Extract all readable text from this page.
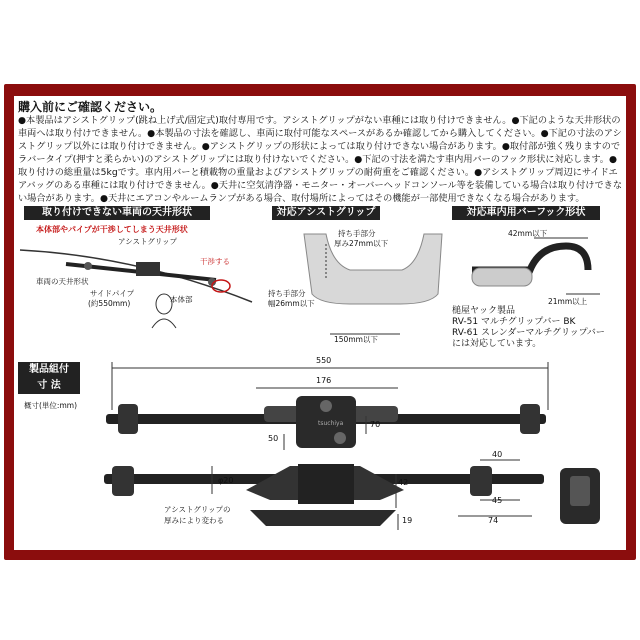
購入前にご確認ください。

●本製品はアシストグリップ(跳ね上げ式/固定式)取付専用です。アシストグリップがない車種には取り付けできません。●下記のような天井形状の車両へは取り付けできません。●本製品の寸法を確認し、車両に取付可能なスペースがあるか確認してから購入してください。●下記の寸法のアシストグリップ以外には取り付けできません。●アシストグリップの形状によっては取り付けできない場合があります。●取付部が強く残りますのでラバータイプ(押すと柔らかい)のアシストグリップには取り付けないでください。●下記の寸法を満たす車内用バーのフック形状に対応します。●取り付けの総重量は5kgです。車内用バーと積載物の重量およびアシストグリップの耐荷重をご確認ください。●アシストグリップ周辺にサイドエアバッグのある車種には取り付けできません。●天井に空気清浄器・モニター・オーバーヘッドコンソール等を装備している場合は取り付けできない場合があります。●天井にエアコンやルームランプがある場合、取付場所によってはその機能が一部使用できなくなる場合があります。

取り付けできない車両の天井形状	対応アシストグリップ	対応車内用バーフック形状
本体部やパイプが干渉してしまう天井形状
アシストグリップ
干渉する
車両の天井形状
サイドパイプ
(約550mm)	本体部
持ち手部分
厚み27mm以下
持ち手部分
幅26mm以下
150mm以下
42mm以下
21mm以上
槌屋ヤック製品
RV-51 マルチグリップバー BK
RV-61 スレンダーマルチグリップバー
には対応しています。
製品組付
寸 法
概寸(単位:mm)
550
176
50
70
tsuchiya
φ20	42
40
45
74
19
アシストグリップの
厚みにより変わる
